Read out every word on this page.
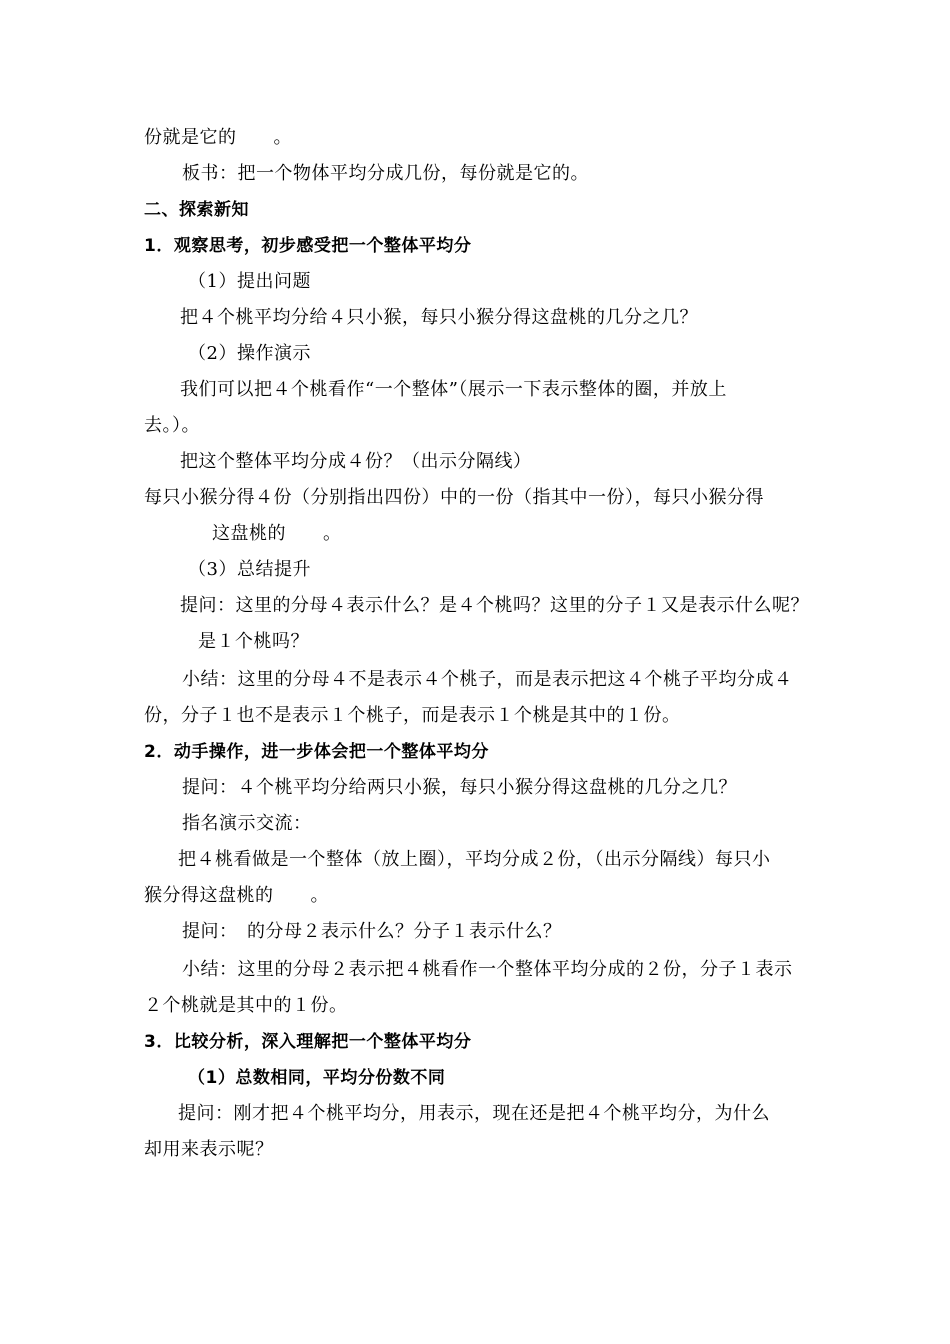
份就是它的　　。
板书：把一个物体平均分成几份，每份就是它的。
二、探索新知
1．观察思考，初步感受把一个整体平均分
（1）提出问题
把４个桃平均分给４只小猴，每只小猴分得这盘桃的几分之几？
（2）操作演示
我们可以把４个桃看作“一个整体”（展示一下表示整体的圈，并放上
去。）。
把这个整体平均分成４份？（出示分隔线）
每只小猴分得４份（分别指出四份）中的一份（指其中一份），每只小猴分得
这盘桃的　　。
（3）总结提升
提问：这里的分母４表示什么？是４个桃吗？这里的分子１又是表示什么呢？
是１个桃吗？
小结：这里的分母４不是表示４个桃子，而是表示把这４个桃子平均分成４
份，分子１也不是表示１个桃子，而是表示１个桃是其中的１份。
2．动手操作，进一步体会把一个整体平均分
提问：４个桃平均分给两只小猴，每只小猴分得这盘桃的几分之几？
指名演示交流：
把４桃看做是一个整体（放上圈），平均分成２份，（出示分隔线）每只小
猴分得这盘桃的　　。
提问：　的分母２表示什么？分子１表示什么？
小结：这里的分母２表示把４桃看作一个整体平均分成的２份，分子１表示
２个桃就是其中的１份。
3．比较分析，深入理解把一个整体平均分
（1）总数相同，平均分份数不同
提问：刚才把４个桃平均分，用表示，现在还是把４个桃平均分，为什么
却用来表示呢？
